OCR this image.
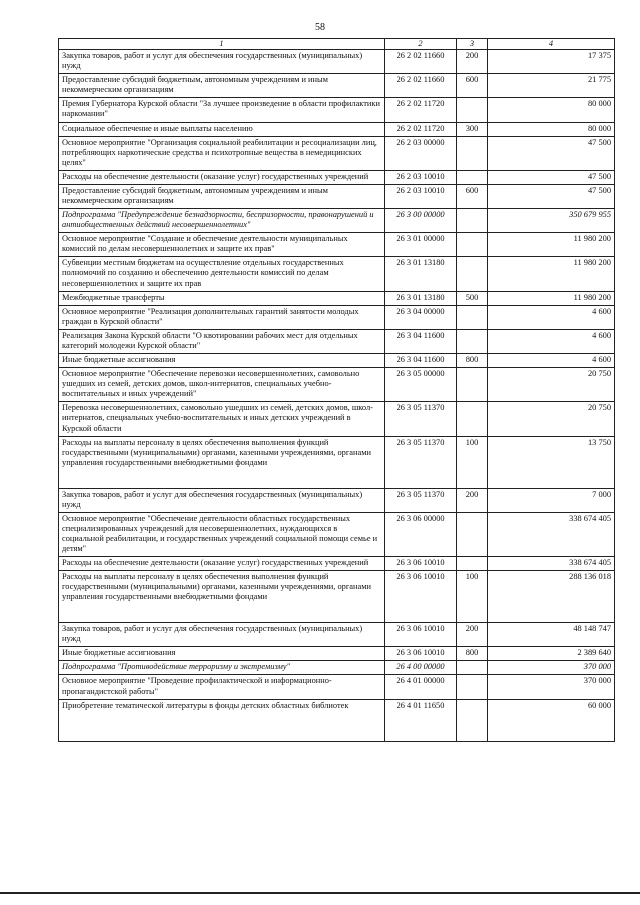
58
1	2	3	4
Закупка товаров, работ и услуг для обеспечения государственных (муниципальных) нужд	26 2 02 11660	200	17 375
Предоставление субсидий бюджетным, автономным учреждениям и иным некоммерческим организациям	26 2 02 11660	600	21 775
Премия Губернатора Курской области "За лучшее произведение в области профилактики наркомании"	26 2 02 11720		80 000
Социальное обеспечение и иные выплаты населению	26 2 02 11720	300	80 000
Основное мероприятие "Организация социальной реабилитации и ресоциализации лиц, потребляющих наркотические средства и психотропные вещества в немедицинских целях"	26 2 03 00000		47 500
Расходы на обеспечение деятельности (оказание услуг) государственных учреждений	26 2 03 10010		47 500
Предоставление субсидий бюджетным, автономным учреждениям и иным некоммерческим организациям	26 2 03 10010	600	47 500
Подпрограмма "Предупреждение безнадзорности, беспризорности, правонарушений и антиобщественных действий несовершеннолетних"	26 3 00 00000		350 679 955
Основное мероприятие "Создание и обеспечение деятельности муниципальных комиссий по делам несовершеннолетних и защите их прав"	26 3 01 00000		11 980 200
Субвенции местным бюджетам на осуществление отдельных государственных полномочий по созданию и обеспечению деятельности комиссий по делам несовершеннолетних и защите их прав	26 3 01 13180		11 980 200
Межбюджетные трансферты	26 3 01 13180	500	11 980 200
Основное мероприятие "Реализация дополнительных гарантий занятости молодых граждан в Курской области"	26 3 04 00000		4 600
Реализация Закона Курской области "О квотировании рабочих мест для отдельных категорий молодежи Курской области"	26 3 04 11600		4 600
Иные бюджетные ассигнования	26 3 04 11600	800	4 600
Основное мероприятие "Обеспечение перевозки несовершеннолетних, самовольно ушедших из семей, детских домов, школ-интернатов, специальных учебно-воспитательных и иных учреждений"	26 3 05 00000		20 750
Перевозка несовершеннолетних, самовольно ушедших из семей, детских домов, школ-интернатов, специальных учебно-воспитательных и иных детских учреждений в Курской области	26 3 05 11370		20 750
Расходы на выплаты персоналу в целях обеспечения выполнения функций государственными (муниципальными) органами, казенными учреждениями, органами управления государственными внебюджетными фондами	26 3 05 11370	100	13 750
Закупка товаров, работ и услуг для обеспечения государственных (муниципальных) нужд	26 3 05 11370	200	7 000
Основное мероприятие "Обеспечение деятельности областных государственных специализированных учреждений для несовершеннолетних, нуждающихся в социальной реабилитации, и государственных учреждений социальной помощи семье и детям"	26 3 06 00000		338 674 405
Расходы на обеспечение деятельности (оказание услуг) государственных учреждений	26 3 06 10010		338 674 405
Расходы на выплаты персоналу в целях обеспечения выполнения функций государственными (муниципальными) органами, казенными учреждениями, органами управления государственными внебюджетными фондами	26 3 06 10010	100	288 136 018
Закупка товаров, работ и услуг для обеспечения государственных (муниципальных) нужд	26 3 06 10010	200	48 148 747
Иные бюджетные ассигнования	26 3 06 10010	800	2 389 640
Подпрограмма "Противодействие терроризму и экстремизму"	26 4 00 00000		370 000
Основное мероприятие "Проведение профилактической и информационно-пропагандистской работы"	26 4 01 00000		370 000
Приобретение тематической литературы в фонды детских областных библиотек	26 4 01 11650		60 000
